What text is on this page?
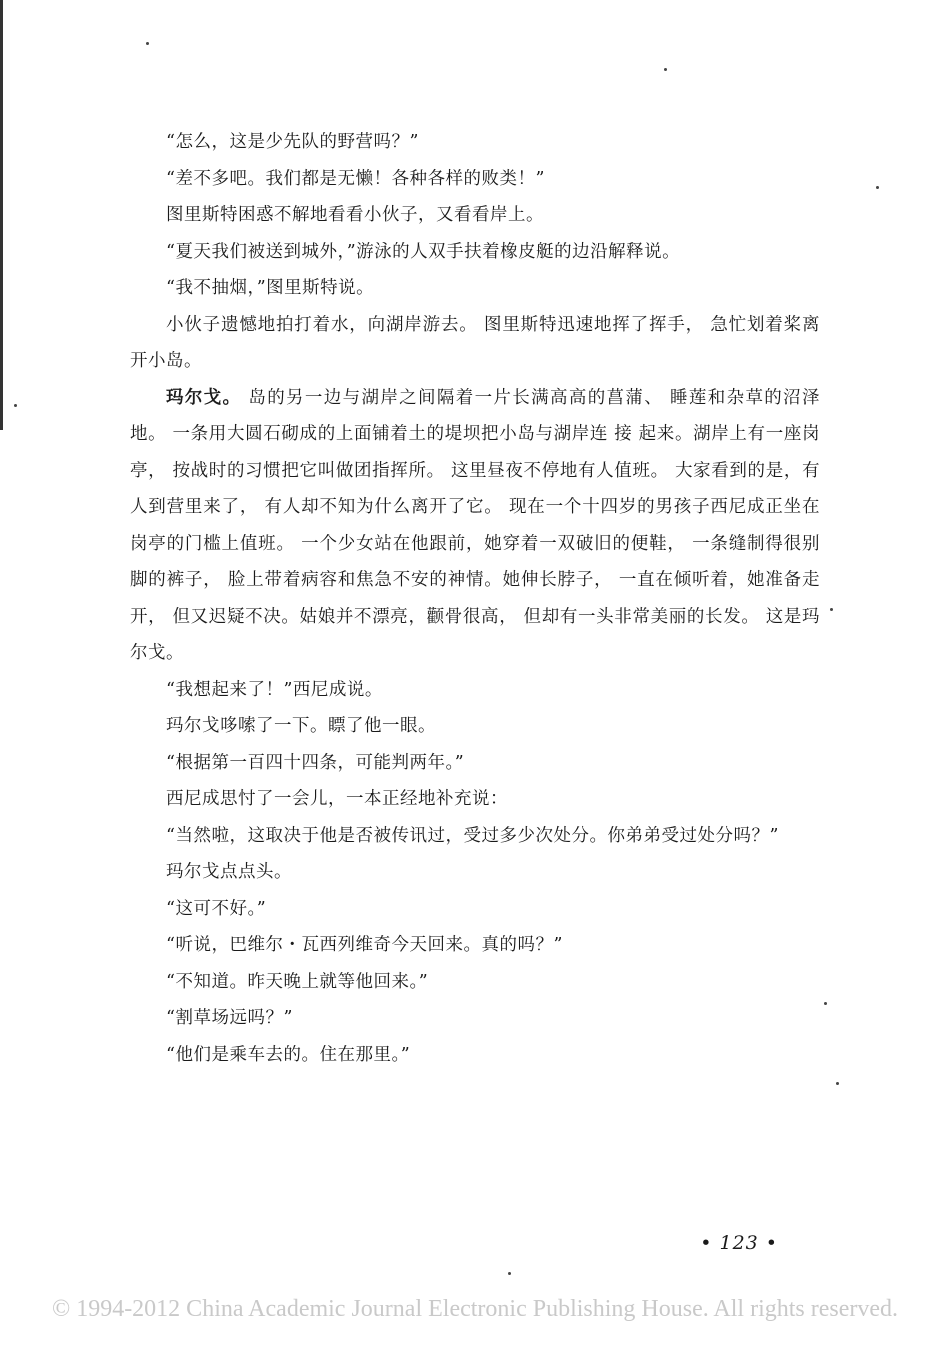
“怎么，这是少先队的野营吗？”

“差不多吧。我们都是无懒！各种各样的败类！”

图里斯特困惑不解地看看小伙子，又看看岸上。

“夏天我们被送到城外，”游泳的人双手扶着橡皮艇的边沿解释说。

“我不抽烟，”图里斯特说。

小伙子遗憾地拍打着水，向湖岸游去。 图里斯特迅速地挥了挥手， 急忙划着桨离开小岛。

玛尔戈。 岛的另一边与湖岸之间隔着一片长满高高的菖蒲、 睡莲和杂草的沼泽地。 一条用大圆石砌成的上面铺着土的堤坝把小岛与湖岸连 接 起来。湖岸上有一座岗亭， 按战时的习惯把它叫做团指挥所。 这里昼夜不停地有人值班。 大家看到的是，有人到营里来了， 有人却不知为什么离开了它。 现在一个十四岁的男孩子西尼成正坐在岗亭的门槛上值班。 一个少女站在他跟前，她穿着一双破旧的便鞋， 一条缝制得很别脚的裤子， 脸上带着病容和焦急不安的神情。她伸长脖子， 一直在倾听着，她准备走开， 但又迟疑不决。姑娘并不漂亮，颧骨很高， 但却有一头非常美丽的长发。 这是玛尔戈。

“我想起来了！”西尼成说。

玛尔戈哆嗦了一下。瞟了他一眼。

“根据第一百四十四条，可能判两年。”

西尼成思忖了一会儿，一本正经地补充说：

“当然啦，这取决于他是否被传讯过，受过多少次处分。你弟弟受过处分吗？”

玛尔戈点点头。

“这可不好。”

“听说，巴维尔・瓦西列维奇今天回来。真的吗？”

“不知道。昨天晚上就等他回来。”

“割草场远吗？”

“他们是乘车去的。住在那里。”

• 123 •
© 1994-2012 China Academic Journal Electronic Publishing House. All rights reserved.
